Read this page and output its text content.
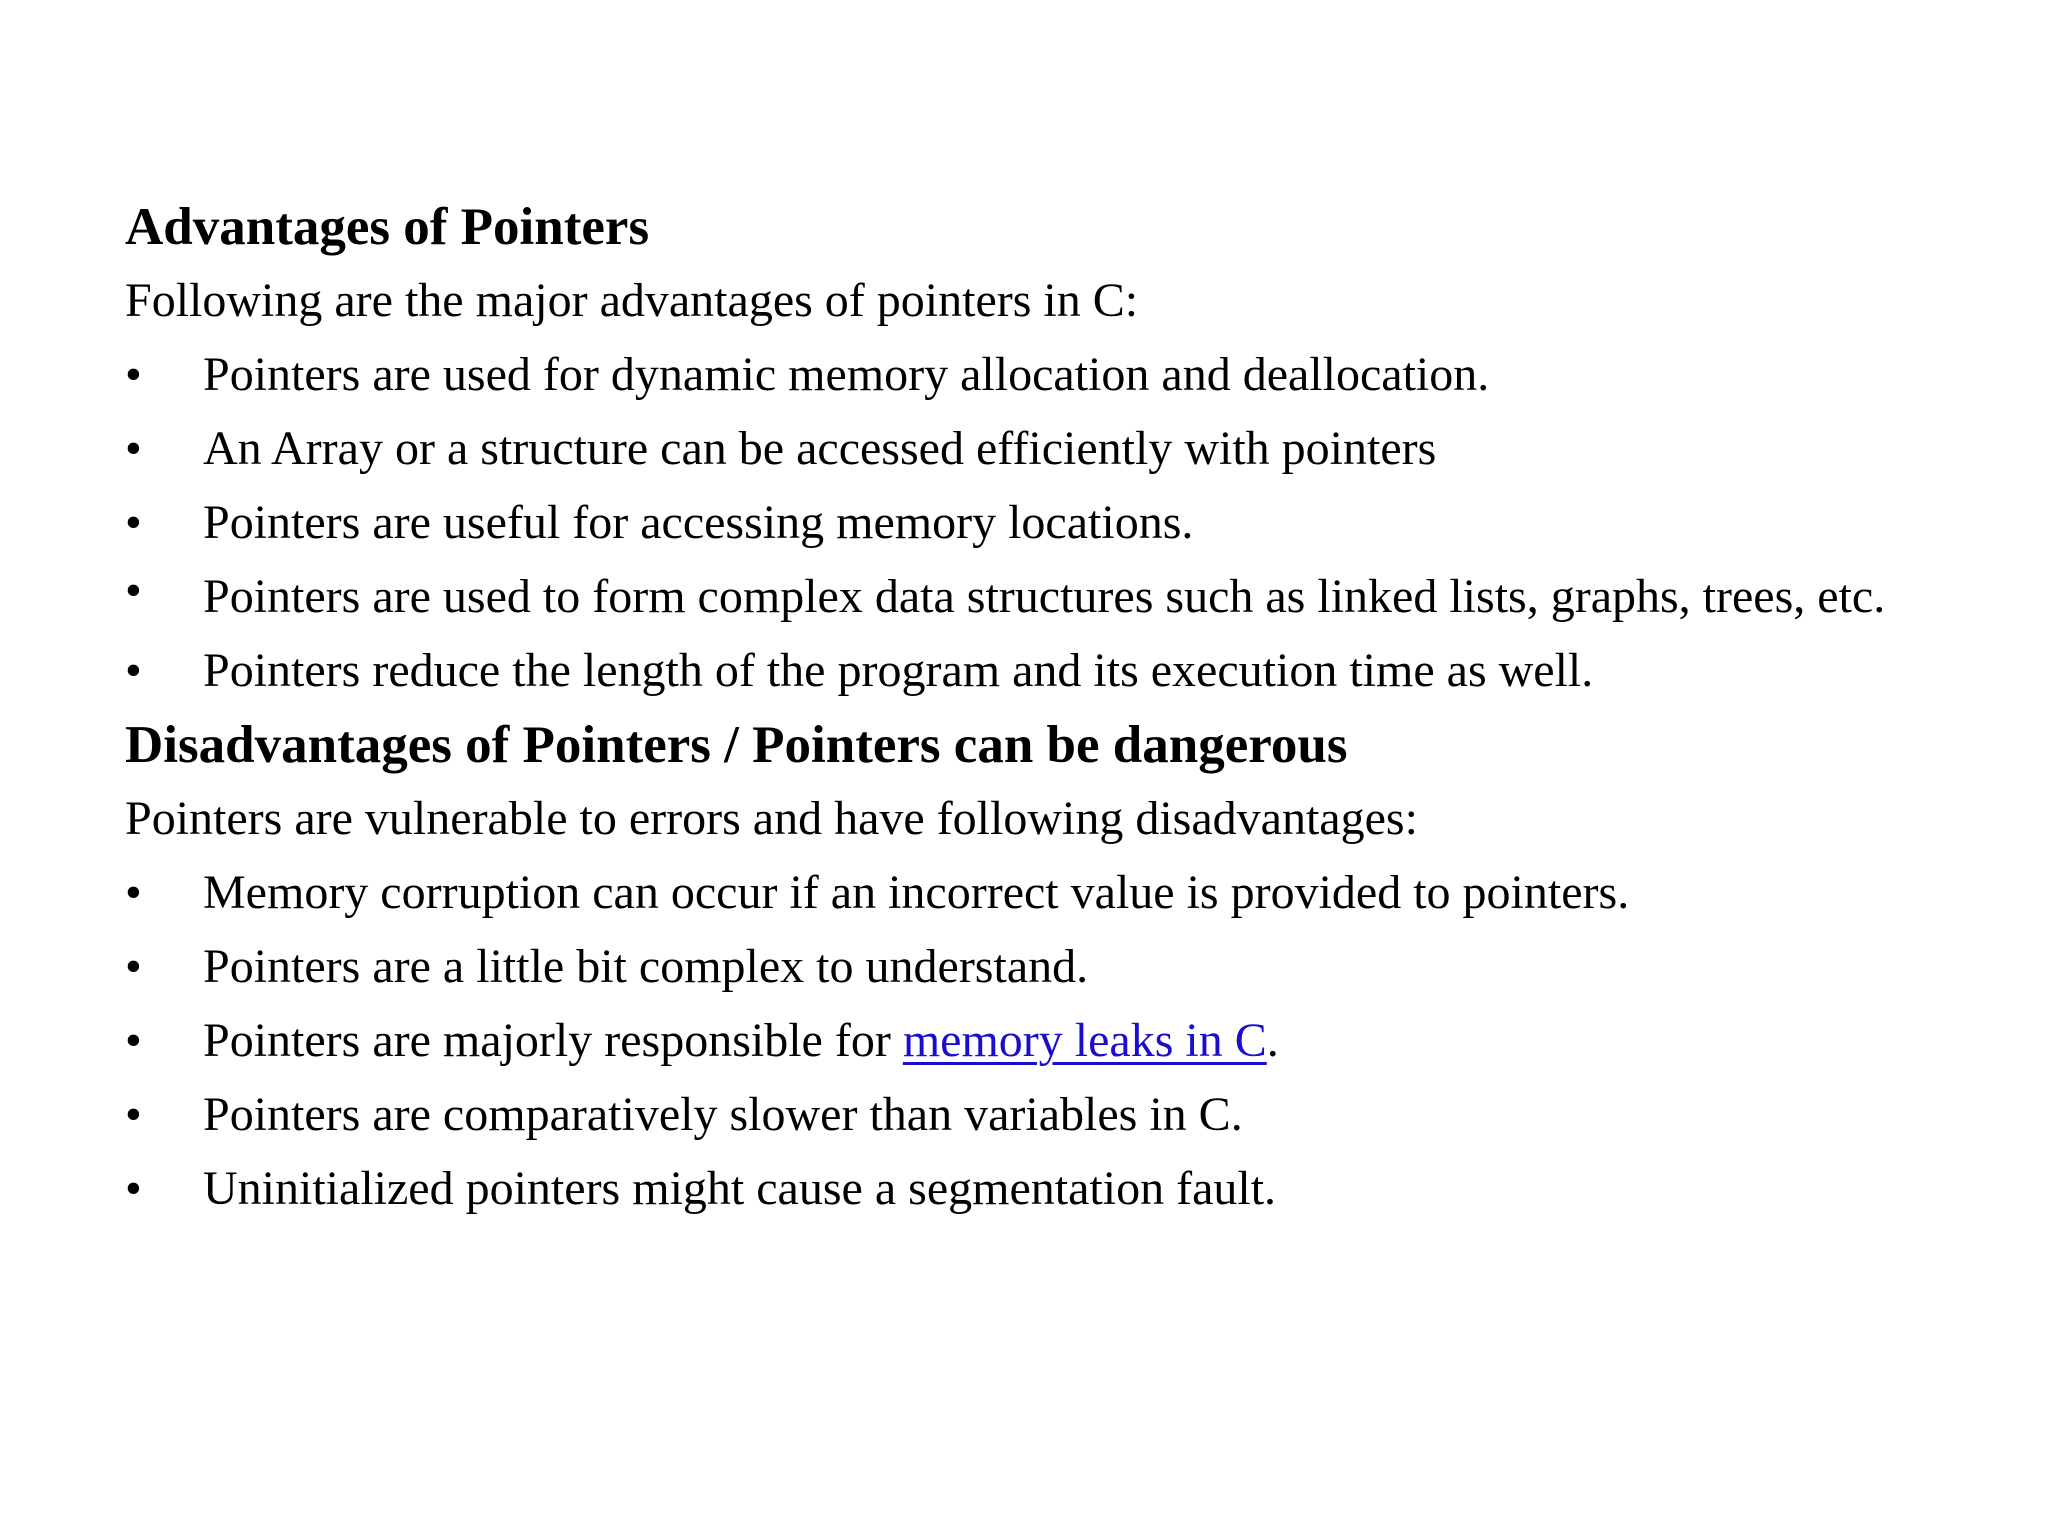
Advantages of Pointers

Following are the major advantages of pointers in C:

• Pointers are used for dynamic memory allocation and deallocation.
• An Array or a structure can be accessed efficiently with pointers
• Pointers are useful for accessing memory locations.
• Pointers are used to form complex data structures such as linked lists, graphs, trees, etc.
• Pointers reduce the length of the program and its execution time as well.
Disadvantages of Pointers / Pointers can be dangerous

Pointers are vulnerable to errors and have following disadvantages:

• Memory corruption can occur if an incorrect value is provided to pointers.
• Pointers are a little bit complex to understand.
• Pointers are majorly responsible for memory leaks in C.
• Pointers are comparatively slower than variables in C.
• Uninitialized pointers might cause a segmentation fault.
